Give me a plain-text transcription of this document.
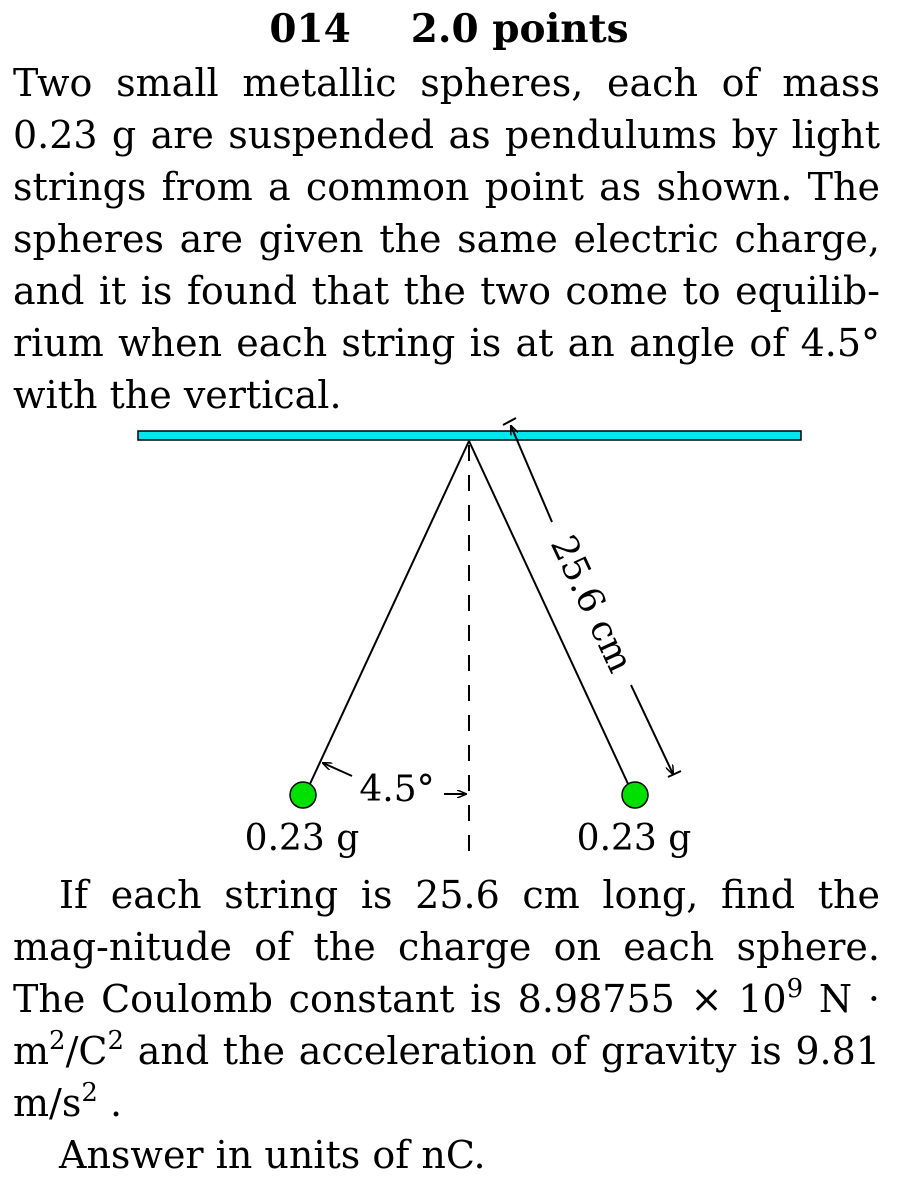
014 2.0 points

Two small metallic spheres, each of mass 0.23 g are suspended as pendulums by light strings from a common point as shown. The spheres are given the same electric charge, and it is found that the two come to equilib-rium when each string is at an angle of 4.5° with the vertical.

25.6 cm
4.5°
0.23 g	0.23 g

If each string is 25.6 cm long, find the mag-nitude of the charge on each sphere. The Coulomb constant is $8.98755 \times 10^9$ $N \cdot m^2/C^2$ and the acceleration of gravity is 9.81 $m/s^2$ .

Answer in units of nC.
